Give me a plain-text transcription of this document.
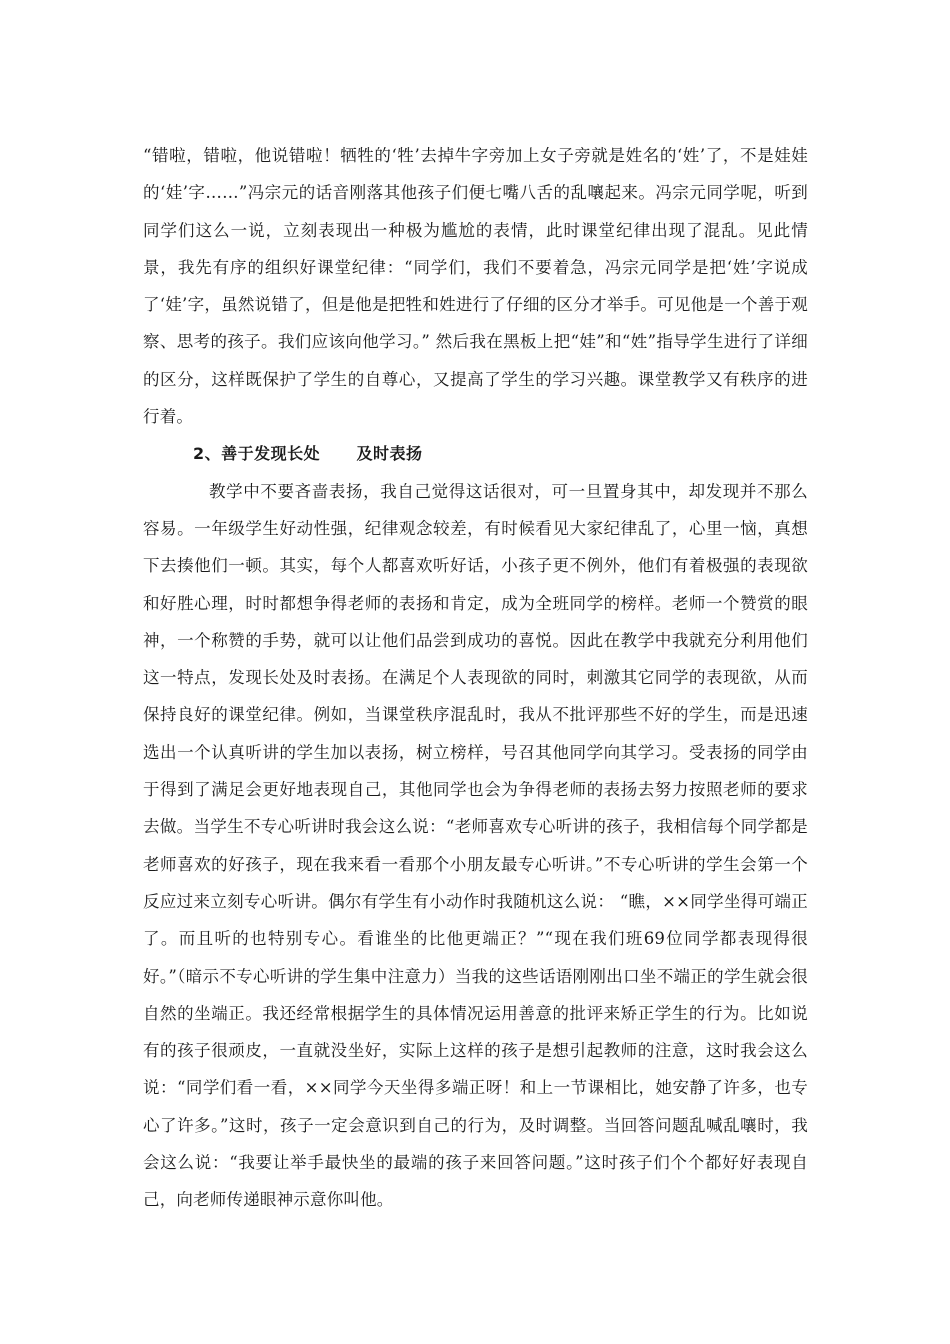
“错啦，错啦，他说错啦！牺牲的‘牲’去掉牛字旁加上女子旁就是姓名的‘姓’了，不是娃娃的‘娃’字……”冯宗元的话音刚落其他孩子们便七嘴八舌的乱嚷起来。冯宗元同学呢，听到同学们这么一说，立刻表现出一种极为尴尬的表情，此时课堂纪律出现了混乱。见此情景，我先有序的组织好课堂纪律：“同学们，我们不要着急，冯宗元同学是把‘姓’字说成了‘娃’字，虽然说错了，但是他是把牲和姓进行了仔细的区分才举手。可见他是一个善于观察、思考的孩子。我们应该向他学习。” 然后我在黑板上把“娃”和“姓”指导学生进行了详细的区分，这样既保护了学生的自尊心，又提高了学生的学习兴趣。课堂教学又有秩序的进行着。

2、善于发现长处      及时表扬

教学中不要吝啬表扬，我自己觉得这话很对，可一旦置身其中，却发现并不那么容易。一年级学生好动性强，纪律观念较差，有时候看见大家纪律乱了，心里一恼，真想下去揍他们一顿。其实，每个人都喜欢听好话，小孩子更不例外，他们有着极强的表现欲和好胜心理，时时都想争得老师的表扬和肯定，成为全班同学的榜样。老师一个赞赏的眼神，一个称赞的手势，就可以让他们品尝到成功的喜悦。因此在教学中我就充分利用他们这一特点，发现长处及时表扬。在满足个人表现欲的同时，刺激其它同学的表现欲，从而保持良好的课堂纪律。例如，当课堂秩序混乱时，我从不批评那些不好的学生，而是迅速选出一个认真听讲的学生加以表扬，树立榜样，号召其他同学向其学习。受表扬的同学由于得到了满足会更好地表现自己，其他同学也会为争得老师的表扬去努力按照老师的要求去做。当学生不专心听讲时我会这么说：“老师喜欢专心听讲的孩子，我相信每个同学都是老师喜欢的好孩子，现在我来看一看那个小朋友最专心听讲。”不专心听讲的学生会第一个反应过来立刻专心听讲。偶尔有学生有小动作时我随机这么说： “瞧，××同学坐得可端正了。而且听的也特别专心。看谁坐的比他更端正？”“现在我们班69位同学都表现得很好。”（暗示不专心听讲的学生集中注意力）当我的这些话语刚刚出口坐不端正的学生就会很自然的坐端正。我还经常根据学生的具体情况运用善意的批评来矫正学生的行为。比如说有的孩子很顽皮，一直就没坐好，实际上这样的孩子是想引起教师的注意，这时我会这么说：“同学们看一看，××同学今天坐得多端正呀！和上一节课相比，她安静了许多，也专心了许多。”这时，孩子一定会意识到自己的行为，及时调整。当回答问题乱喊乱嚷时，我会这么说：“我要让举手最快坐的最端的孩子来回答问题。”这时孩子们个个都好好表现自己，向老师传递眼神示意你叫他。
